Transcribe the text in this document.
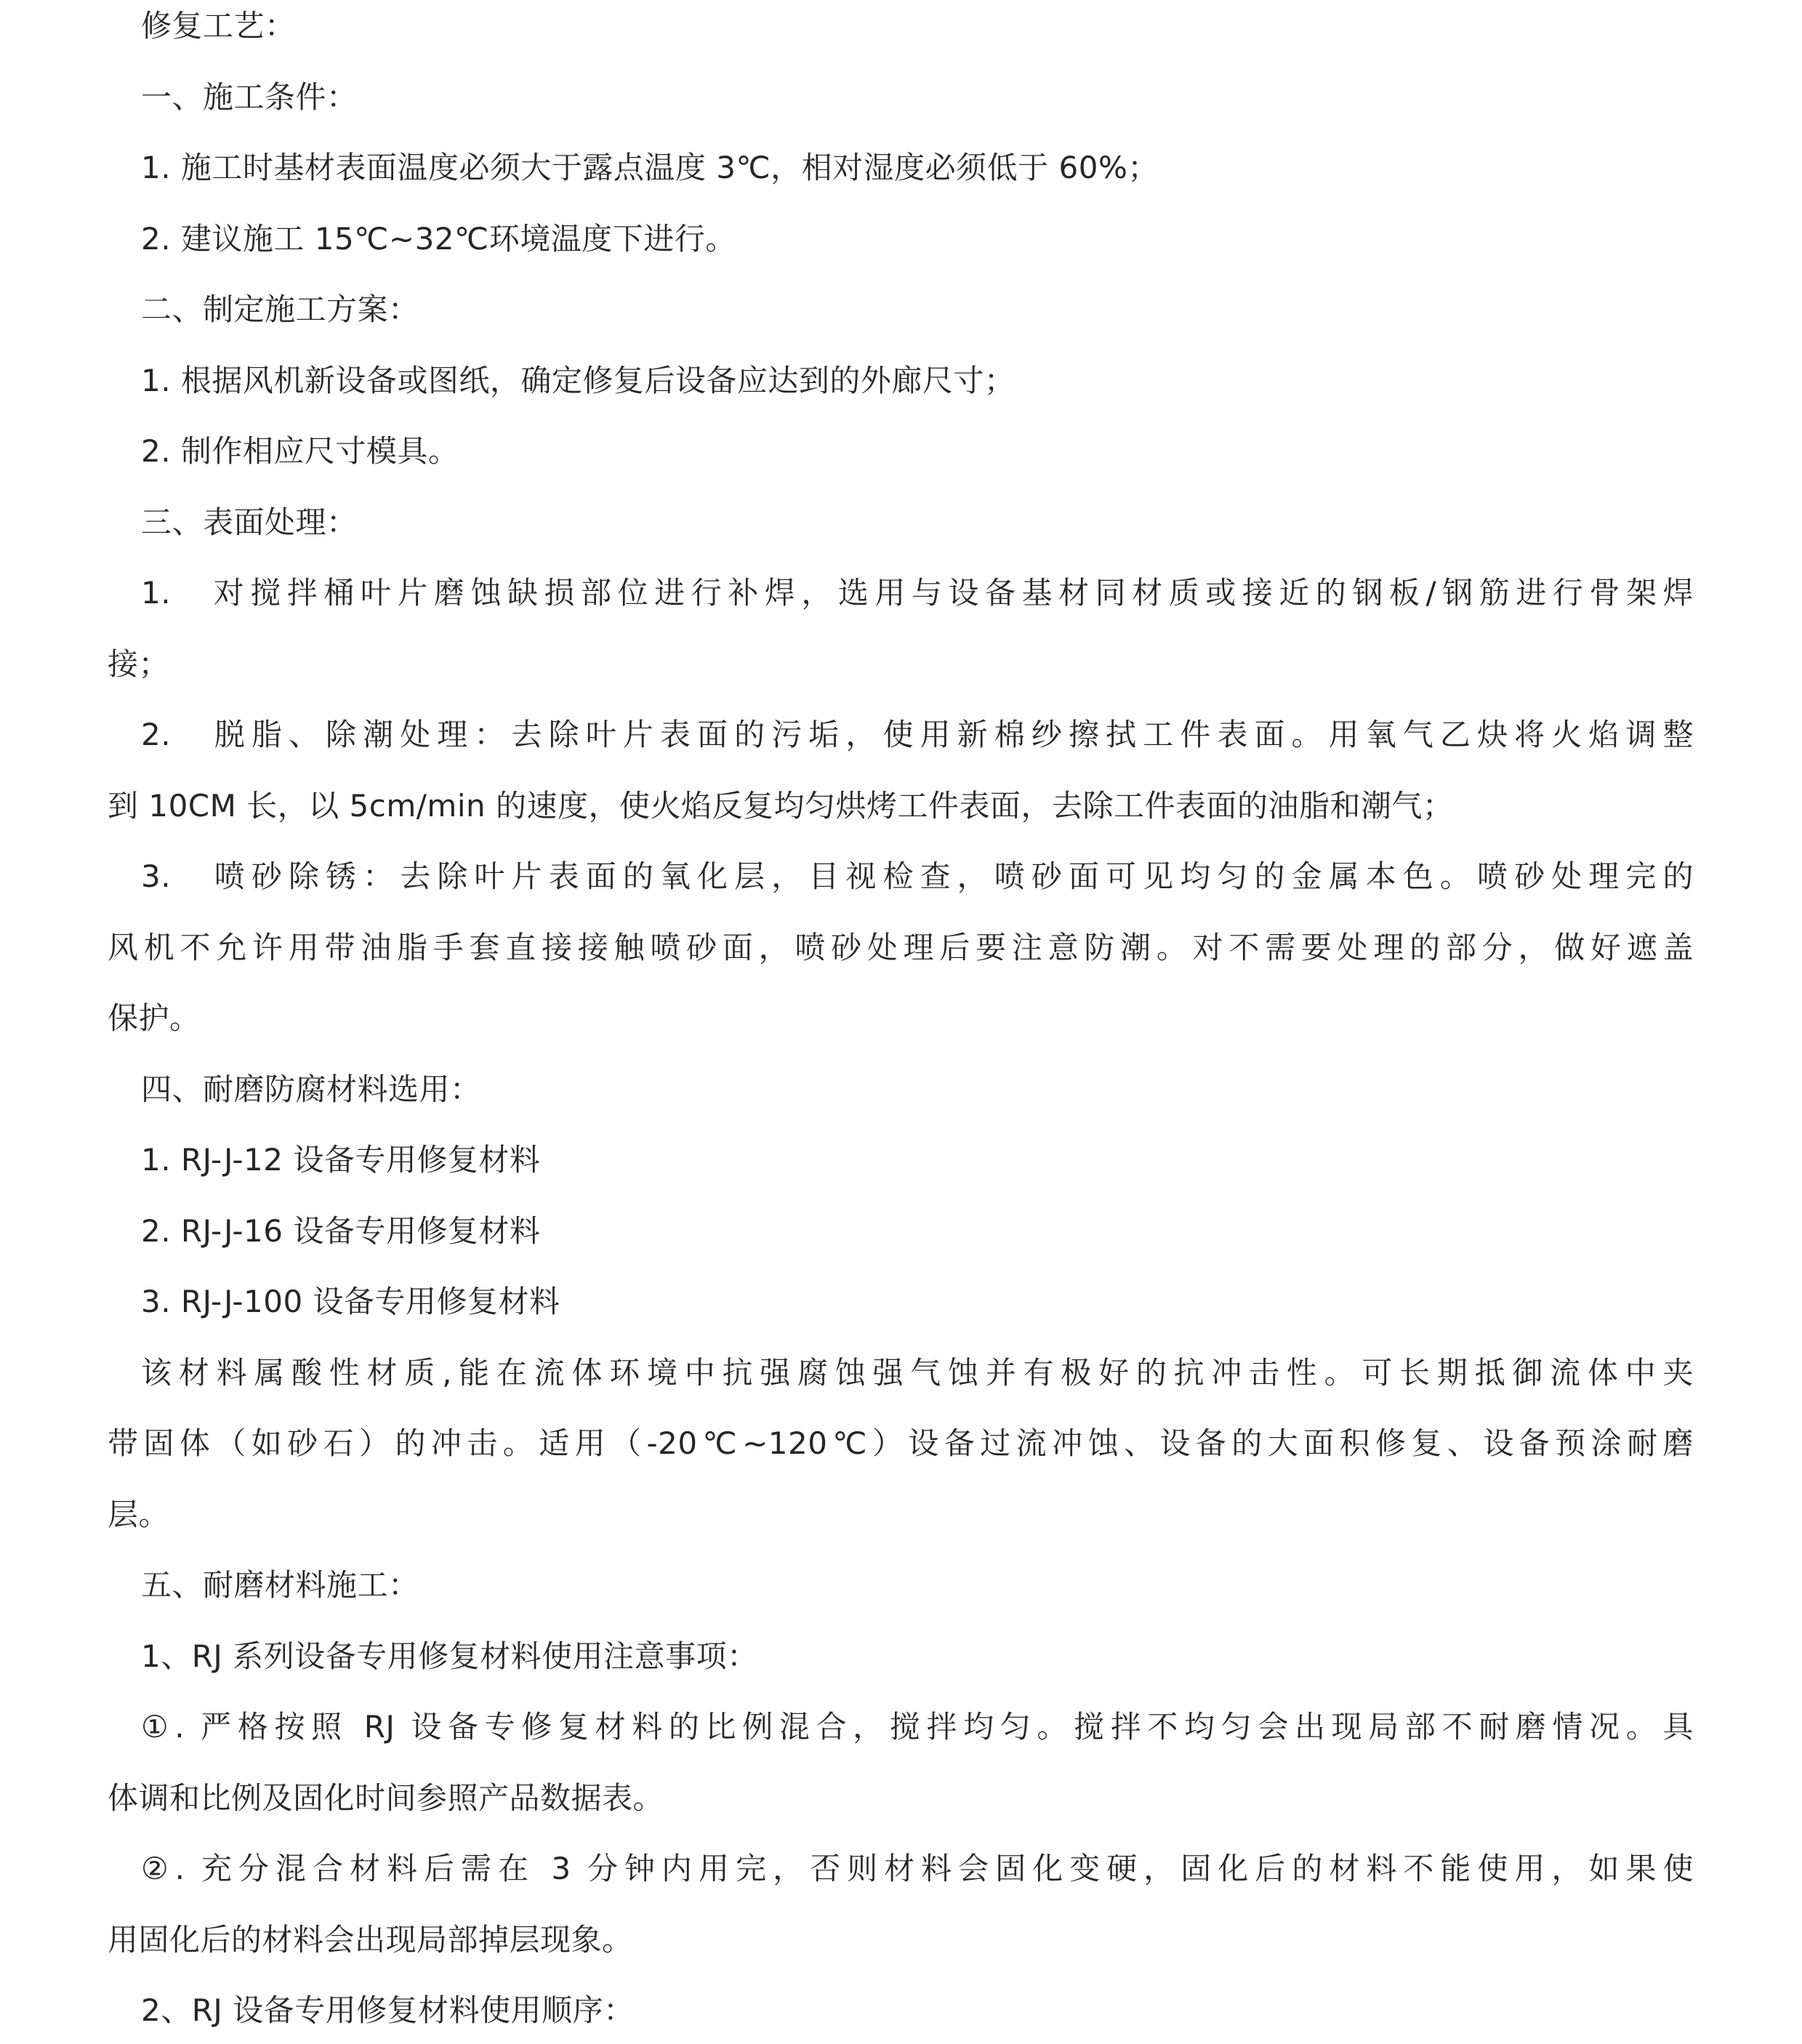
修复工艺：
一、施工条件：
1. 施工时基材表面温度必须大于露点温度 3℃，相对湿度必须低于 60%；
2. 建议施工 15℃~32℃环境温度下进行。
二、制定施工方案：
1. 根据风机新设备或图纸，确定修复后设备应达到的外廊尺寸；
2. 制作相应尺寸模具。
三、表面处理：
1.　对搅拌桶叶片磨蚀缺损部位进行补焊，选用与设备基材同材质或接近的钢板/钢筋进行骨架焊
接；
2.　脱脂、除潮处理：去除叶片表面的污垢，使用新棉纱擦拭工件表面。用氧气乙炔将火焰调整
到 10CM 长，以 5cm/min 的速度，使火焰反复均匀烘烤工件表面，去除工件表面的油脂和潮气；
3.　喷砂除锈：去除叶片表面的氧化层，目视检查，喷砂面可见均匀的金属本色。喷砂处理完的
风机不允许用带油脂手套直接接触喷砂面，喷砂处理后要注意防潮。对不需要处理的部分，做好遮盖
保护。
四、耐磨防腐材料选用：
1. RJ-J-12 设备专用修复材料
2. RJ-J-16 设备专用修复材料
3. RJ-J-100 设备专用修复材料
该材料属酸性材质,能在流体环境中抗强腐蚀强气蚀并有极好的抗冲击性。可长期抵御流体中夹
带固体（如砂石）的冲击。适用（-20℃~120℃）设备过流冲蚀、设备的大面积修复、设备预涂耐磨
层。
五、耐磨材料施工：
1、RJ 系列设备专用修复材料使用注意事项：
①. 严格按照 RJ 设备专修复材料的比例混合，搅拌均匀。搅拌不均匀会出现局部不耐磨情况。具
体调和比例及固化时间参照产品数据表。
②. 充分混合材料后需在 3 分钟内用完，否则材料会固化变硬，固化后的材料不能使用，如果使
用固化后的材料会出现局部掉层现象。
2、RJ 设备专用修复材料使用顺序：
